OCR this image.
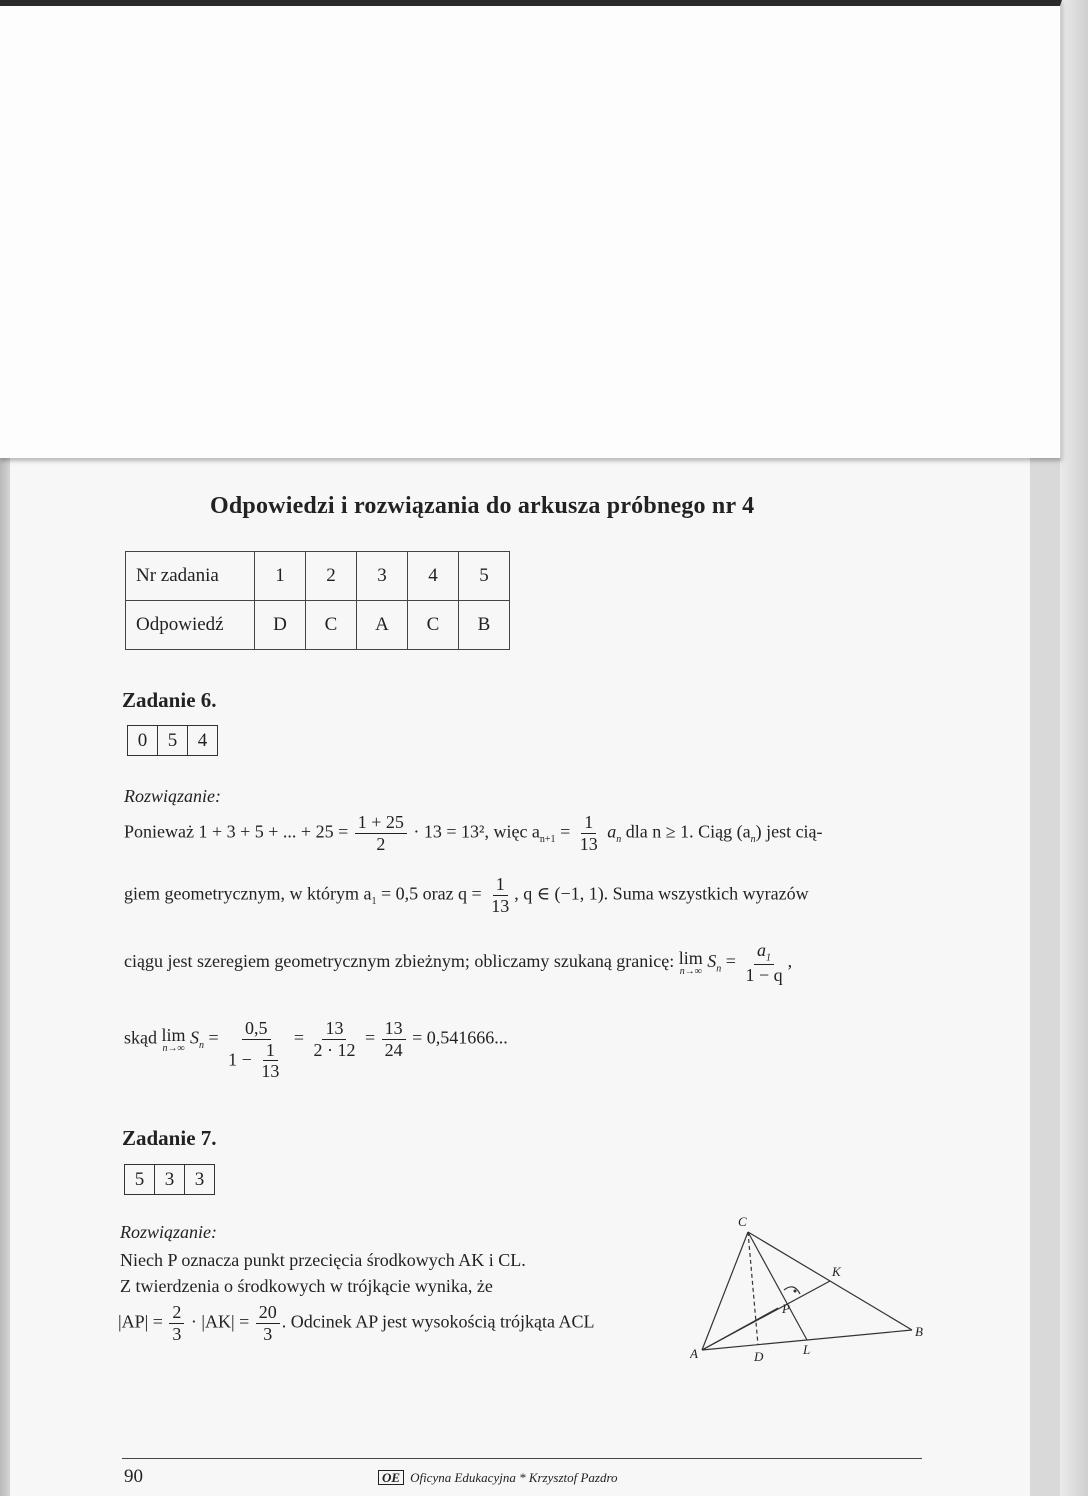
Odpowiedzi i rozwiązania do arkusza próbnego nr 4
Nr zadania	1	2	3	4	5
Odpowiedź	D	C	A	C	B
Zadanie 6.
0	5	4
Rozwiązanie:
Ponieważ 1 + 3 + 5 + ... + $25 = \frac{1 + 25}{2} \cdot 13 = 13^2$, więc $a_{n+1} = \frac{1}{13} a_n$ dla n ≥ 1. Ciąg $(a_n)$ jest cią-
giem geometrycznym, w którym $a_1 = 0,5$ oraz $q = \frac{1}{13}$ , q ∈ (−1, 1). Suma wszystkich wyrazów
ciągu jest szeregiem geometrycznym zbieżnym; obliczamy szukaną granicę: lim
n→∞
$S_n = \frac{a_1}{1 - q}$ ,
skąd lim
n→∞
$S_n = \frac{0,5}{1 - \frac{1}{13}} = \frac{13}{2 \cdot 12} = \frac{13}{24} = 0,541666$...
Zadanie 7.
5	3	3
Rozwiązanie:
Niech P oznacza punkt przecięcia środkowych AK i CL.
Z twierdzenia o środkowych w trójkącie wynika, że
$|AP| = \frac{2}{3} \cdot |AK| = \frac{20}{3}$ . Odcinek AP jest wysokością trójkąta ACL
C
K
P
A	D	L
B
90	OE Oficyna Edukacyjna * Krzysztof Pazdro
